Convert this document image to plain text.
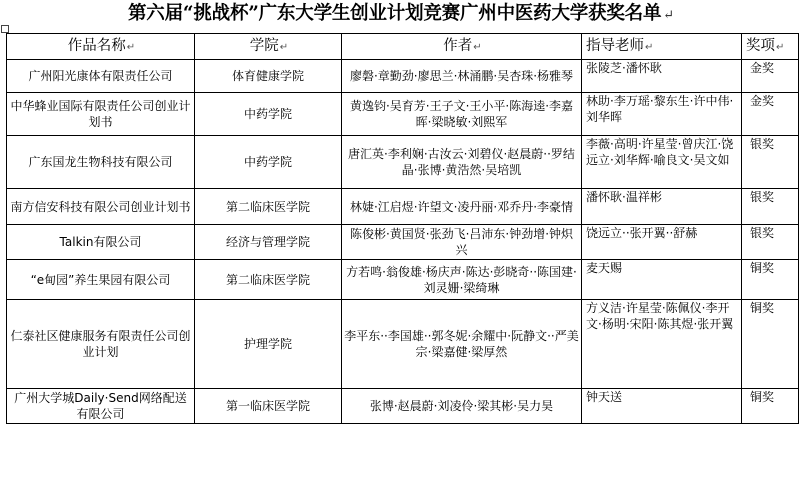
第六届“挑战杯”广东大学生创业计划竞赛广州中医药大学获奖名单 ↵
作品名称↵	学院↵	作者↵	指导老师↵	奖项↵
广州阳光康体有限责任公司	体育健康学院	廖磐·章勤劲·廖思兰·林涌鹏·吴杏珠·杨雅琴	张陵芝·潘怀耿	金奖
中华蜂业国际有限责任公司创业计划书	中药学院	黄逸钧·吴育芳·王子文·王小平·陈海逵·李嘉晖·梁晓敏·刘熙军	林助·李万瑶·黎东生·许中伟·刘华晖	金奖
广东国龙生物科技有限公司	中药学院	唐汇英·李利娴·古汝云·刘碧仪·赵晨蔚··罗结晶·张博·黄浩然·吴培凯	李薇·高明·许星莹·曾庆江·饶远立·刘华辉·喻良文·吴文如	银奖
南方信安科技有限公司创业计划书	第二临床医学院	林婕·江启煜·许望文·凌丹丽·邓乔丹·李豪情	潘怀耿·温祥彬	银奖
Talkin有限公司	经济与管理学院	陈俊彬·黄国贤·张劲飞·吕沛东·钟劲增·钟炽兴	饶远立··张开翼··舒赫	银奖
“e甸园”养生果园有限公司	第二临床医学院	方若鸣·翁俊雄·杨庆声·陈达·彭晓奇··陈国建·刘灵姗·梁绮琳	麦天赐	铜奖
仁泰社区健康服务有限责任公司创业计划	护理学院	李平东··李国雄··郭冬妮·余耀中·阮静文··严美宗·梁嘉健·梁厚然	方义洁·许星莹·陈佩仪·李开文·杨明·宋阳·陈其煜·张开翼	铜奖
广州大学城Daily·Send网络配送有限公司	第一临床医学院	张博·赵晨蔚·刘凌伶·梁其彬·吴力昊	钟天送	铜奖
